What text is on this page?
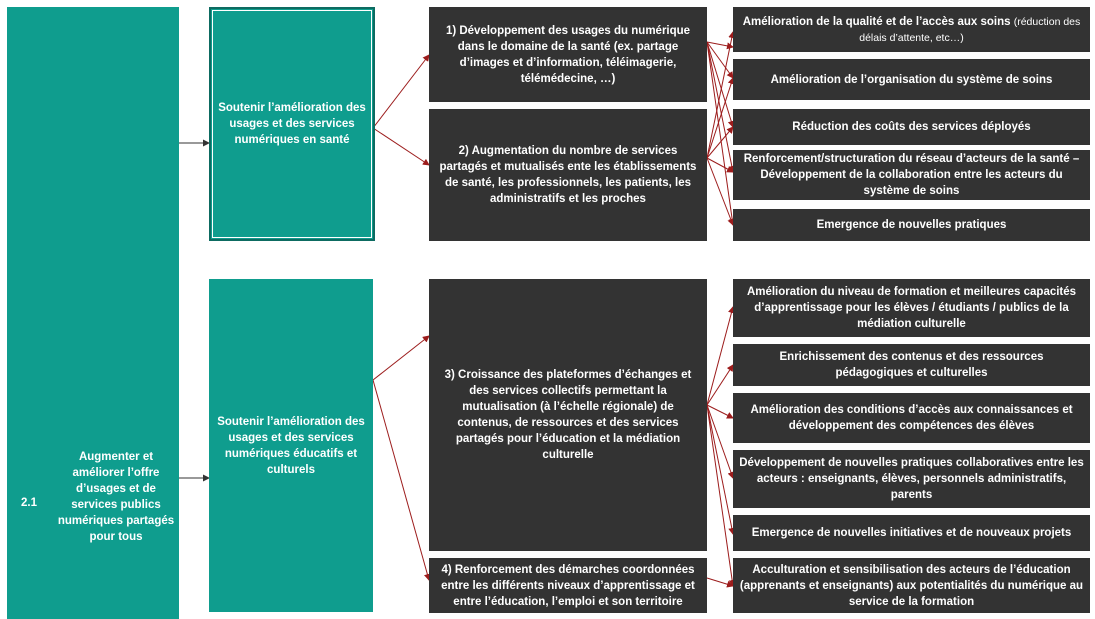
2.1
Augmenter et améliorer l’offre d’usages et de services publics numériques partagés pour tous
Soutenir l’amélioration des usages et des services numériques en santé
Soutenir l’amélioration des usages et des services numériques éducatifs et culturels
1) Développement des usages du numérique dans le domaine de la santé (ex. partage d’images et d’information, téléimagerie, télémédecine, …)
2) Augmentation du nombre de services partagés et mutualisés ente les établissements de santé, les professionnels, les patients, les administratifs et les proches
3) Croissance des plateformes d’échanges et des services collectifs permettant la mutualisation (à l’échelle régionale) de contenus, de ressources et des services partagés pour l’éducation et la médiation culturelle
4) Renforcement des démarches coordonnées entre les différents niveaux d’apprentissage et entre l’éducation, l’emploi et son territoire
Amélioration de la qualité et de l’accès aux soins (réduction des délais d’attente, etc…)
Amélioration de l’organisation du système de soins
Réduction des coûts des services déployés
Renforcement/structuration du réseau d’acteurs de la santé – Développement de la collaboration entre les acteurs du système de soins
Emergence de nouvelles pratiques
Amélioration du niveau de formation et meilleures capacités d’apprentissage pour les élèves / étudiants / publics de la médiation culturelle
Enrichissement des contenus et des ressources pédagogiques et culturelles
Amélioration des conditions d’accès aux connaissances et développement des compétences des élèves
Développement de nouvelles pratiques collaboratives entre les acteurs : enseignants, élèves, personnels administratifs, parents
Emergence de nouvelles initiatives et de nouveaux projets
Acculturation et sensibilisation des acteurs de l’éducation (apprenants et enseignants) aux potentialités du numérique au service de la formation
